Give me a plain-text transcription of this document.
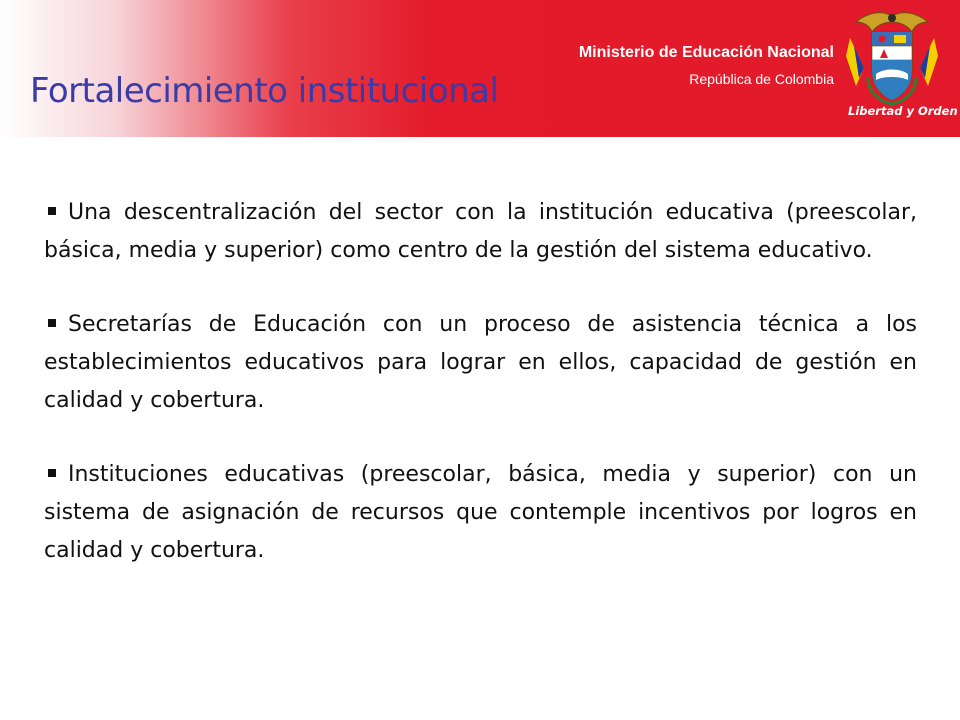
Ministerio de Educación Nacional
República de Colombia
Libertad y Orden
Fortalecimiento institucional

Una descentralización del sector con la institución educativa (preescolar, básica, media y superior) como centro de la gestión del sistema educativo.

Secretarías de Educación con un proceso de asistencia técnica a los establecimientos educativos para lograr en ellos, capacidad de gestión en calidad y cobertura.

Instituciones educativas (preescolar, básica, media y superior) con un sistema de asignación de recursos que contemple incentivos por logros en calidad y cobertura.
